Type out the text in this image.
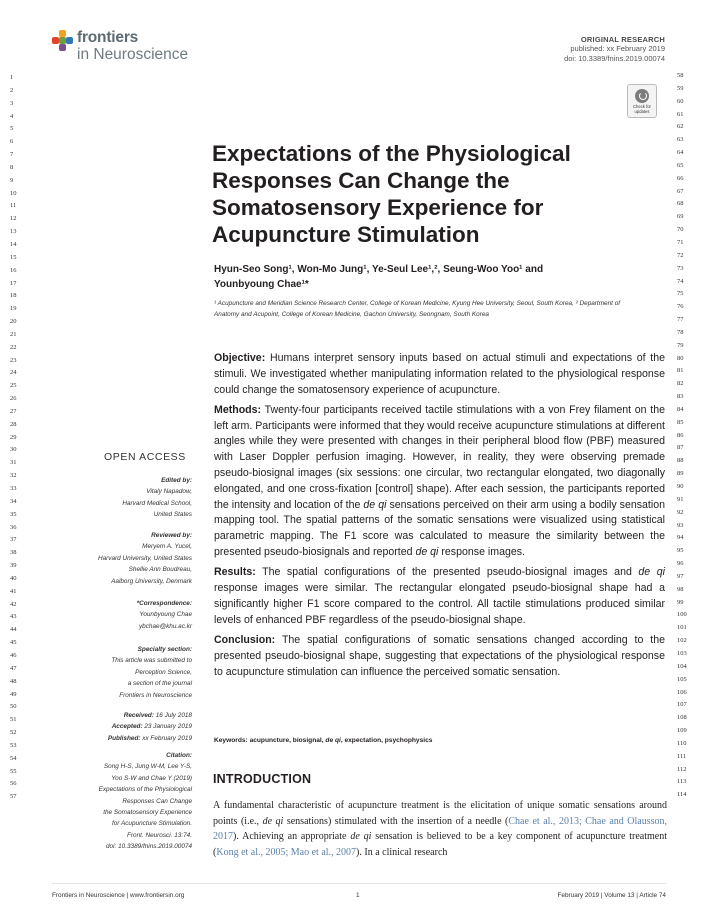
frontiers
in Neuroscience
ORIGINAL RESEARCH
published: xx February 2019
doi: 10.3389/fnins.2019.00074
Check for
updates
1
2
3
4
5
6
7
8
9
10
11
12
13
14
15
16
17
18
19
20
21
22
23
24
25
26
27
28
29
30
31
32
33
34
35
36
37
38
39
40
41
42
43
44
45
46
47
48
49
50
51
52
53
54
55
56
57
58
59
60
61
62
63
64
65
66
67
68
69
70
71
72
73
74
75
76
77
78
79
80
81
82
83
84
85
86
87
88
89
90
91
92
93
94
95
96
97
98
99
100
101
102
103
104
105
106
107
108
109
110
111
112
113
114
Expectations of the Physiological Responses Can Change the Somatosensory Experience for Acupuncture Stimulation
Hyun-Seo Song¹, Won-Mo Jung¹, Ye-Seul Lee¹,², Seung-Woo Yoo¹ and
Younbyoung Chae¹*
¹ Acupuncture and Meridian Science Research Center, College of Korean Medicine, Kyung Hee University, Seoul, South Korea, ² Department of Anatomy and Acupoint, College of Korean Medicine, Gachon University, Seongnam, South Korea

Objective: Humans interpret sensory inputs based on actual stimuli and expectations of the stimuli. We investigated whether manipulating information related to the physiological response could change the somatosensory experience of acupuncture.

Methods: Twenty-four participants received tactile stimulations with a von Frey filament on the left arm. Participants were informed that they would receive acupuncture stimulations at different angles while they were presented with changes in their peripheral blood flow (PBF) measured with Laser Doppler perfusion imaging. However, in reality, they were observing premade pseudo-biosignal images (six sessions: one circular, two rectangular elongated, two diagonally elongated, and one cross-fixation [control] shape). After each session, the participants reported the intensity and location of the de qi sensations perceived on their arm using a bodily sensation mapping tool. The spatial patterns of the somatic sensations were visualized using statistical parametric mapping. The F1 score was calculated to measure the similarity between the presented pseudo-biosignals and reported de qi response images.

Results: The spatial configurations of the presented pseudo-biosignal images and de qi response images were similar. The rectangular elongated pseudo-biosignal shape had a significantly higher F1 score compared to the control. All tactile stimulations produced similar levels of enhanced PBF regardless of the pseudo-biosignal shape.

Conclusion: The spatial configurations of somatic sensations changed according to the presented pseudo-biosignal shape, suggesting that expectations of the physiological response to acupuncture stimulation can influence the perceived somatic sensation.

Keywords: acupuncture, biosignal, de qi, expectation, psychophysics
OPEN ACCESS
Edited by:
Vitaly Napadow,
Harvard Medical School,
United States
Reviewed by:
Meryem A. Yucel,
Harvard University, United States
Shellie Ann Boudreau,
Aalborg University, Denmark
*Correspondence:
Younbyoung Chae
ybchae@khu.ac.kr
Specialty section:
This article was submitted to
Perception Science,
a section of the journal
Frontiers in Neuroscience
Received: 16 July 2018
Accepted: 23 January 2019
Published: xx February 2019
Citation:
Song H-S, Jung W-M, Lee Y-S,
Yoo S-W and Chae Y (2019)
Expectations of the Physiological
Responses Can Change
the Somatosensory Experience
for Acupuncture Stimulation.
Front. Neurosci. 13:74.
doi: 10.3389/fnins.2019.00074
INTRODUCTION
A fundamental characteristic of acupuncture treatment is the elicitation of unique somatic sensations around points (i.e., de qi sensations) stimulated with the insertion of a needle (Chae et al., 2013; Chae and Olausson, 2017). Achieving an appropriate de qi sensation is believed to be a key component of acupuncture treatment (Kong et al., 2005; Mao et al., 2007). In a clinical research
Frontiers in Neuroscience | www.frontiersin.org	1	February 2019 | Volume 13 | Article 74
